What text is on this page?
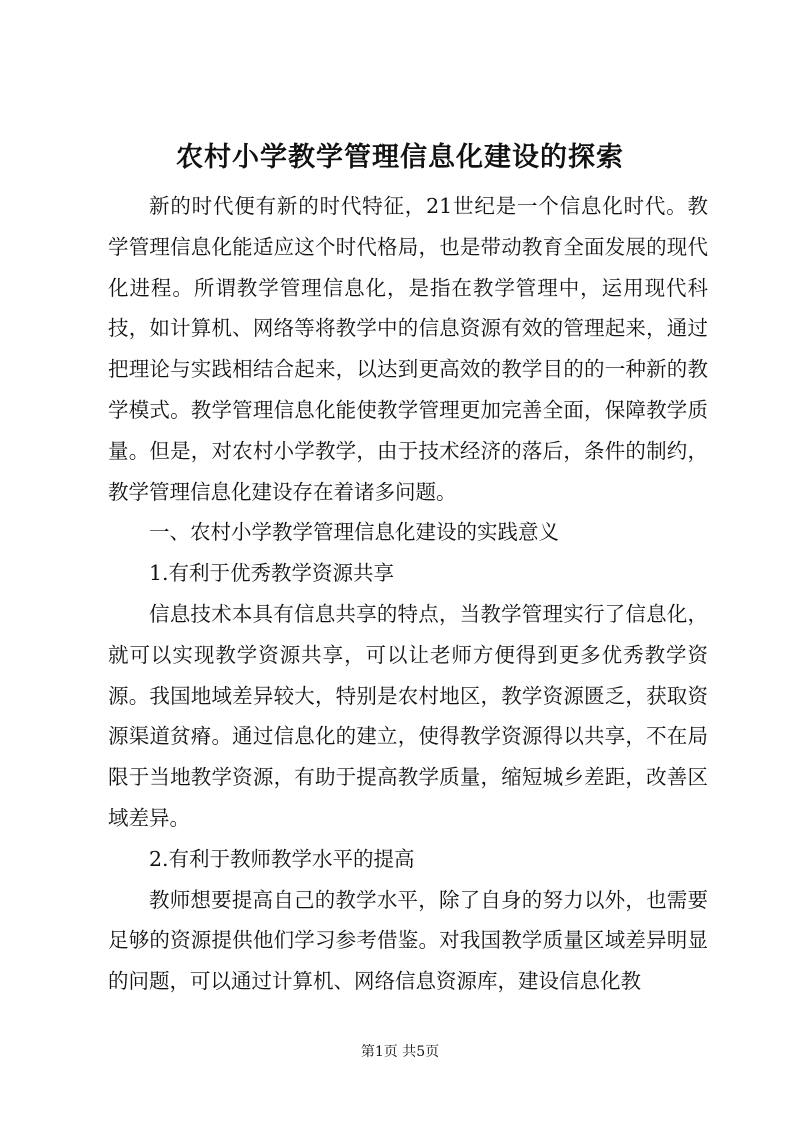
农村小学教学管理信息化建设的探索

新的时代便有新的时代特征，21世纪是一个信息化时代。教学管理信息化能适应这个时代格局，也是带动教育全面发展的现代化进程。所谓教学管理信息化，是指在教学管理中，运用现代科技，如计算机、网络等将教学中的信息资源有效的管理起来，通过把理论与实践相结合起来，以达到更高效的教学目的的一种新的教学模式。教学管理信息化能使教学管理更加完善全面，保障教学质量。但是，对农村小学教学，由于技术经济的落后，条件的制约，教学管理信息化建设存在着诸多问题。

一、农村小学教学管理信息化建设的实践意义

1.有利于优秀教学资源共享

信息技术本具有信息共享的特点，当教学管理实行了信息化，就可以实现教学资源共享，可以让老师方便得到更多优秀教学资源。我国地域差异较大，特别是农村地区，教学资源匮乏，获取资源渠道贫瘠。通过信息化的建立，使得教学资源得以共享，不在局限于当地教学资源，有助于提高教学质量，缩短城乡差距，改善区域差异。

2.有利于教师教学水平的提高

教师想要提高自己的教学水平，除了自身的努力以外，也需要足够的资源提供他们学习参考借鉴。对我国教学质量区域差异明显的问题，可以通过计算机、网络信息资源库，建设信息化教

第1页 共5页
